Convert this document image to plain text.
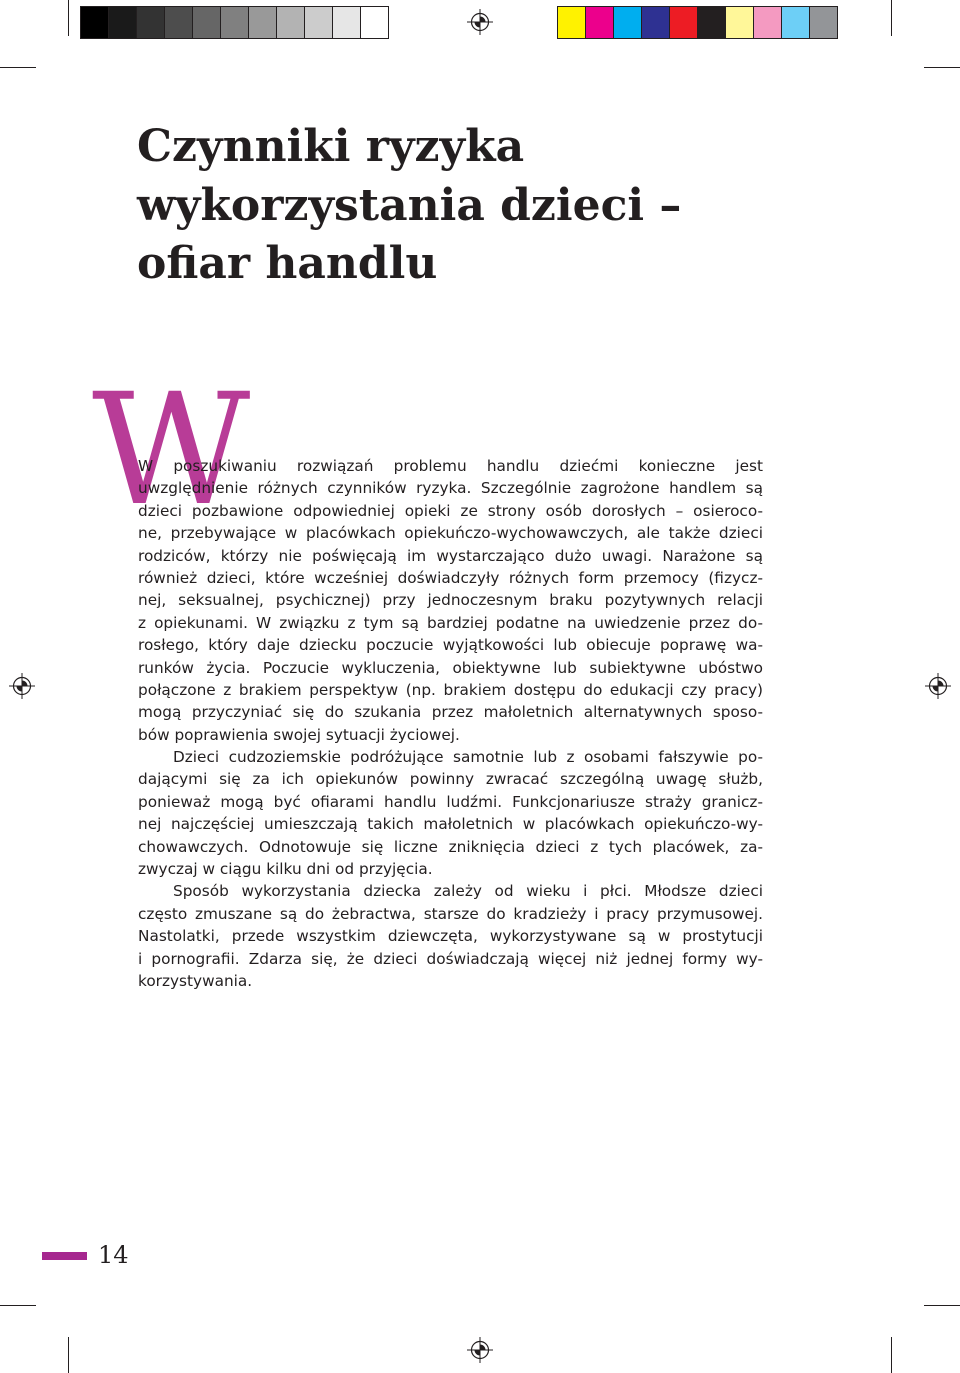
Czynniki ryzyka
wykorzystania dzieci –
ofiar handlu
W
W poszukiwaniu rozwiązań problemu handlu dziećmi konieczne jest
uwzględnienie różnych czynników ryzyka. Szczególnie zagrożone handlem są
dzieci pozbawione odpowiedniej opieki ze strony osób dorosłych – osieroco-
ne, przebywające w placówkach opiekuńczo-wychowawczych, ale także dzieci
rodziców, którzy nie poświęcają im wystarczająco dużo uwagi. Narażone są
również dzieci, które wcześniej doświadczyły różnych form przemocy (fizycz-
nej, seksualnej, psychicznej) przy jednoczesnym braku pozytywnych relacji
z opiekunami. W związku z tym są bardziej podatne na uwiedzenie przez do-
rosłego, który daje dziecku poczucie wyjątkowości lub obiecuje poprawę wa-
runków życia. Poczucie wykluczenia, obiektywne lub subiektywne ubóstwo
połączone z brakiem perspektyw (np. brakiem dostępu do edukacji czy pracy)
mogą przyczyniać się do szukania przez małoletnich alternatywnych sposo-
bów poprawienia swojej sytuacji życiowej.
Dzieci cudzoziemskie podróżujące samotnie lub z osobami fałszywie po-
dającymi się za ich opiekunów powinny zwracać szczególną uwagę służb,
ponieważ mogą być ofiarami handlu ludźmi. Funkcjonariusze straży granicz-
nej najczęściej umieszczają takich małoletnich w placówkach opiekuńczo-wy-
chowawczych. Odnotowuje się liczne zniknięcia dzieci z tych placówek, za-
zwyczaj w ciągu kilku dni od przyjęcia.
Sposób wykorzystania dziecka zależy od wieku i płci. Młodsze dzieci
często zmuszane są do żebractwa, starsze do kradzieży i pracy przymusowej.
Nastolatki, przede wszystkim dziewczęta, wykorzystywane są w prostytucji
i pornografii. Zdarza się, że dzieci doświadczają więcej niż jednej formy wy-
korzystywania.
14
